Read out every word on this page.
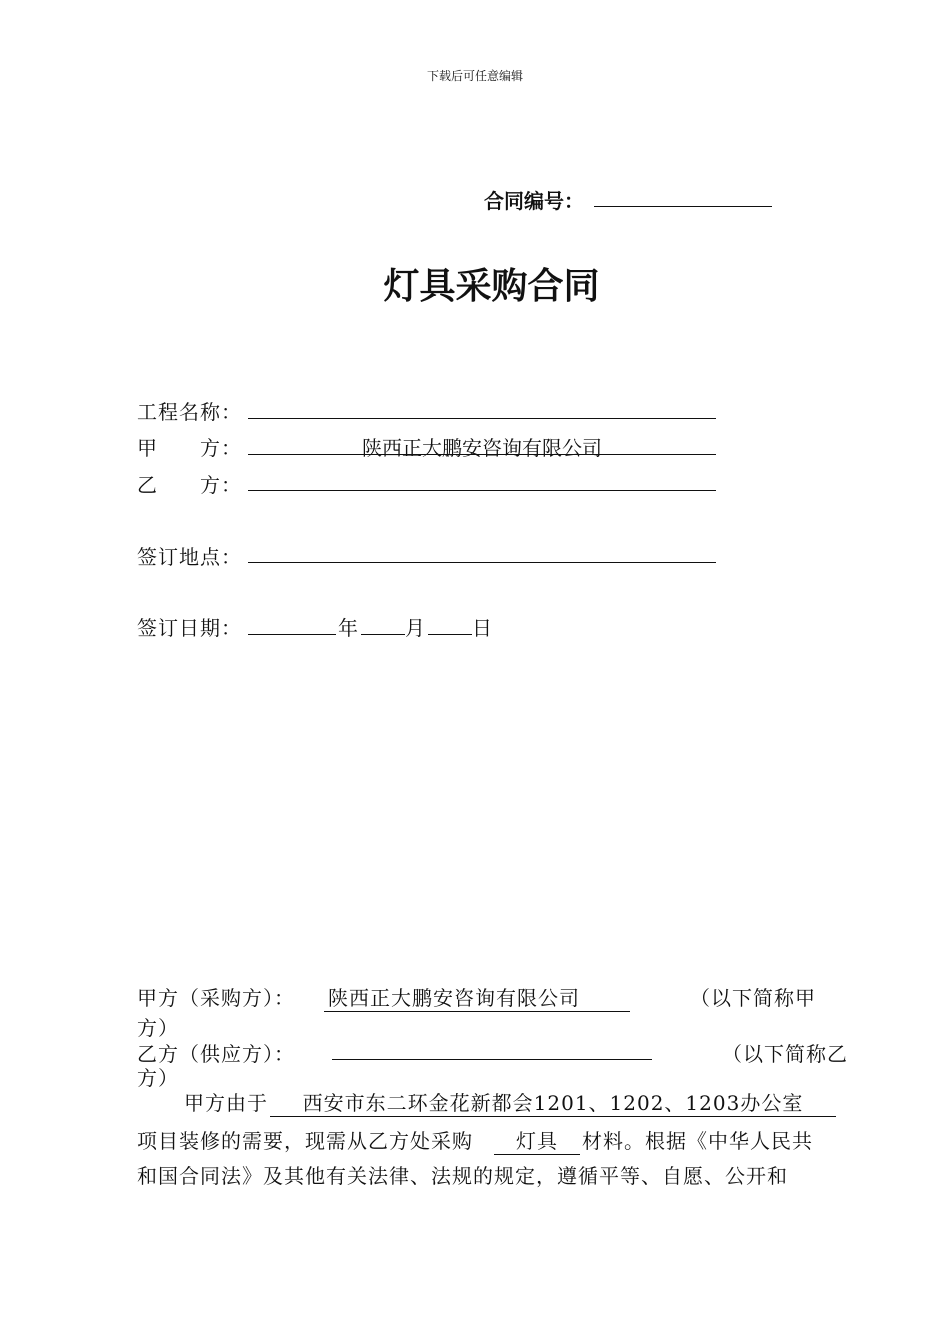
下载后可任意编辑
合同编号：
灯具采购合同
工程名称：
甲　　方：	陕西正大鹏安咨询有限公司
乙　　方：
签订地点：
签订日期：	年 月 日
甲方（采购方）： 陕西正大鹏安咨询有限公司	（以下简称甲
方）
乙方（供应方）：	（以下简称乙
方）
甲方由于	西安市东二环金花新都会1201、1202、1203办公室
项目装修的需要，现需从乙方处采购	灯具	材料。根据《中华人民共
和国合同法》及其他有关法律、法规的规定，遵循平等、自愿、公开和
